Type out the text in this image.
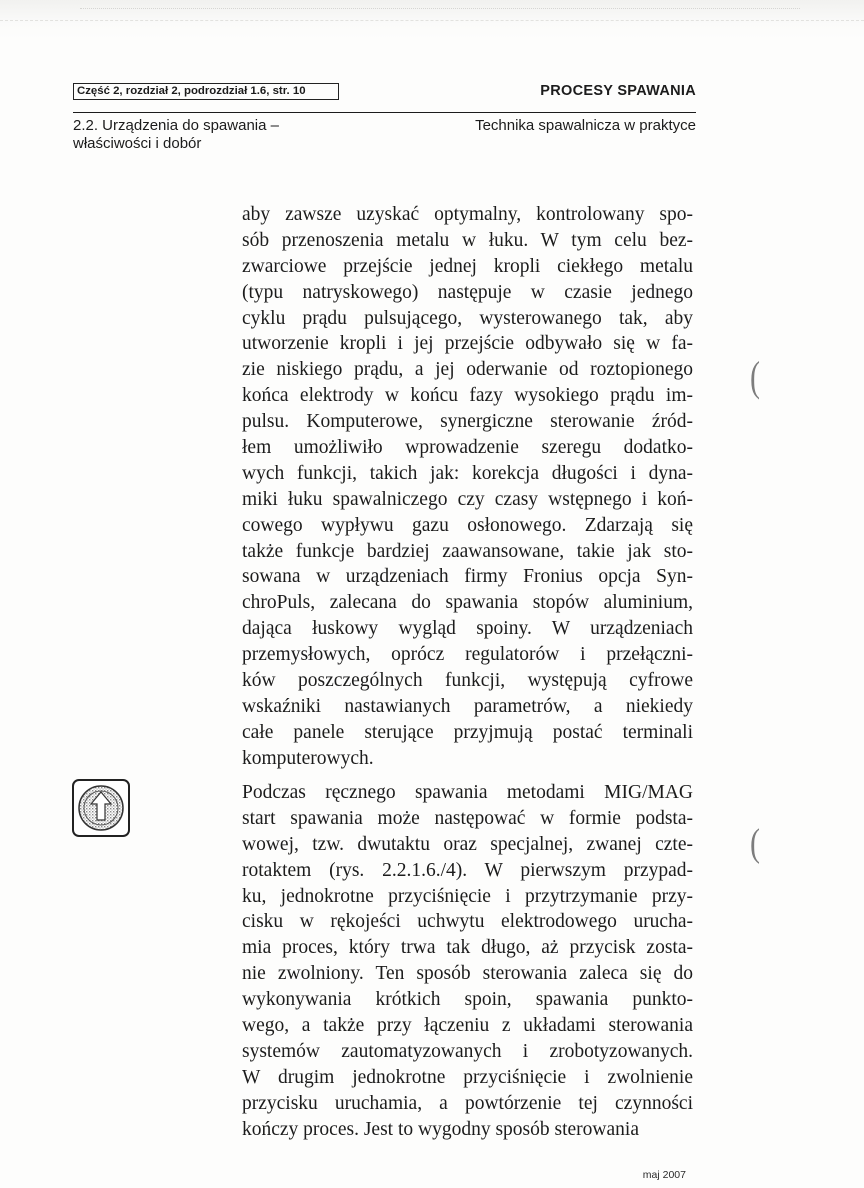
Część 2, rozdział 2, podrozdział 1.6, str. 10	PROCESY SPAWANIA
2.2. Urządzenia do spawania –
właściwości i dobór
Technika spawalnicza w praktyce
aby zawsze uzyskać optymalny, kontrolowany spo-
sób przenoszenia metalu w łuku. W tym celu bez-
zwarciowe przejście jednej kropli ciekłego metalu
(typu natryskowego) następuje w czasie jednego
cyklu prądu pulsującego, wysterowanego tak, aby
utworzenie kropli i jej przejście odbywało się w fa-
zie niskiego prądu, a jej oderwanie od roztopionego
końca elektrody w końcu fazy wysokiego prądu im-
pulsu. Komputerowe, synergiczne sterowanie źród-
łem umożliwiło wprowadzenie szeregu dodatko-
wych funkcji, takich jak: korekcja długości i dyna-
miki łuku spawalniczego czy czasy wstępnego i koń-
cowego wypływu gazu osłonowego. Zdarzają się
także funkcje bardziej zaawansowane, takie jak sto-
sowana w urządzeniach firmy Fronius opcja Syn-
chroPuls, zalecana do spawania stopów aluminium,
dająca łuskowy wygląd spoiny. W urządzeniach
przemysłowych, oprócz regulatorów i przełączni-
ków poszczególnych funkcji, występują cyfrowe
wskaźniki nastawianych parametrów, a niekiedy
całe panele sterujące przyjmują postać terminali
komputerowych.
Podczas ręcznego spawania metodami MIG/MAG
start spawania może następować w formie podsta-
wowej, tzw. dwutaktu oraz specjalnej, zwanej czte-
rotaktem (rys. 2.2.1.6./4). W pierwszym przypad-
ku, jednokrotne przyciśnięcie i przytrzymanie przy-
cisku w rękojeści uchwytu elektrodowego urucha-
mia proces, który trwa tak długo, aż przycisk zosta-
nie zwolniony. Ten sposób sterowania zaleca się do
wykonywania krótkich spoin, spawania punkto-
wego, a także przy łączeniu z układami sterowania
systemów zautomatyzowanych i zrobotyzowanych.
W drugim jednokrotne przyciśnięcie i zwolnienie
przycisku uruchamia, a powtórzenie tej czynności
kończy proces. Jest to wygodny sposób sterowania
(
(
maj 2007
